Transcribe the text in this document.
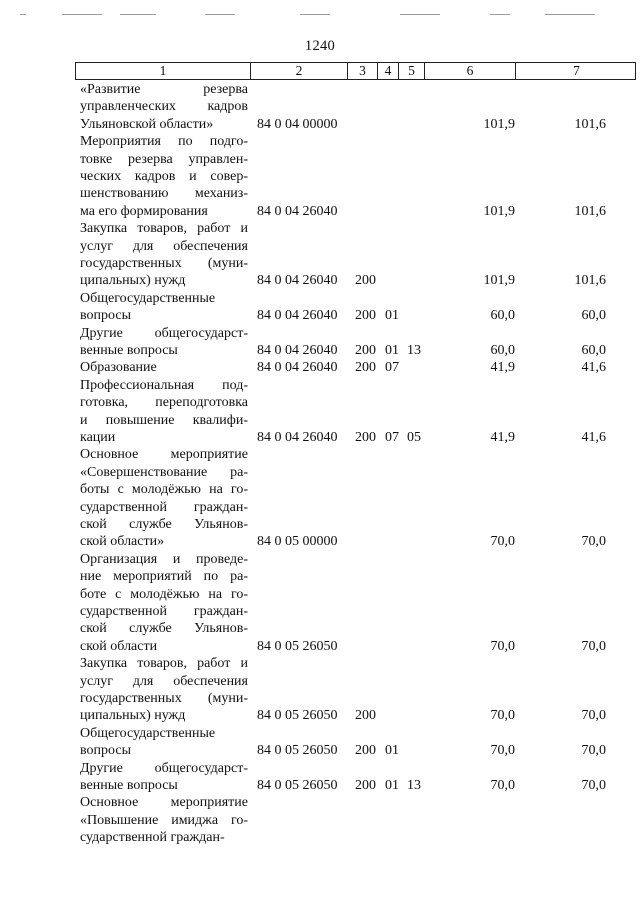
1240
1	2	3	4	5	6	7
«Развитие резерва
управленческих кадров
Ульяновской области»	84 0 04 00000	101,9	101,6
Мероприятия по подго-
товке резерва управлен-
ческих кадров и совер-
шенствованию механиз-
ма его формирования	84 0 04 26040	101,9	101,6
Закупка товаров, работ и
услуг для обеспечения
государственных (муни-
ципальных) нужд	84 0 04 26040 200	101,9	101,6
Общегосударственные
вопросы	84 0 04 26040 200 01	60,0	60,0
Другие общегосударст-
венные вопросы	84 0 04 26040 200 01 13	60,0	60,0
Образование	84 0 04 26040 200 07	41,9	41,6
Профессиональная под-
готовка, переподготовка
и повышение квалифи-
кации	84 0 04 26040 200 07 05	41,9	41,6
Основное мероприятие
«Совершенствование ра-
боты с молодёжью на го-
сударственной граждан-
ской службе Ульянов-
ской области»	84 0 05 00000	70,0	70,0
Организация и проведе-
ние мероприятий по ра-
боте с молодёжью на го-
сударственной граждан-
ской службе Ульянов-
ской области	84 0 05 26050	70,0	70,0
Закупка товаров, работ и
услуг для обеспечения
государственных (муни-
ципальных) нужд	84 0 05 26050 200	70,0	70,0
Общегосударственные
вопросы	84 0 05 26050 200 01	70,0	70,0
Другие общегосударст-
венные вопросы	84 0 05 26050 200 01 13	70,0	70,0
Основное мероприятие
«Повышение имиджа го-
сударственной граждан-
